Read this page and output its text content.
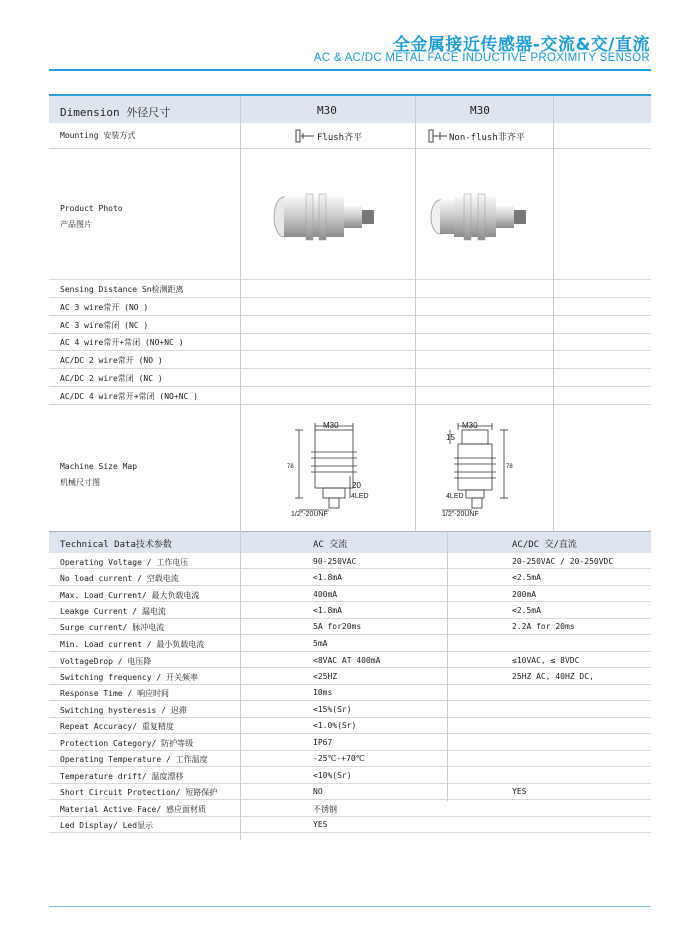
全金属接近传感器-交流&交/直流
AC & AC/DC METAL FACE INDUCTIVE PROXIMITY SENSOR
Dimension 外径尺寸	M30	M30
Mounting 安装方式	Flush齐平	Non-flush非齐平
Product Photo
产品图片
Sensing Distance Sn检测距离
AC 3 wire常开 (NO )
AC 3 wire常闭 (NC )
AC 4 wire常开+常闭 (NO+NC )
AC/DC 2 wire常开 (NO )
AC/DC 2 wire常闭 (NC )
AC/DC 4 wire常开+常闭 (NO+NC )
Machine Size Map
机械尺寸图
M30
78
20
4LED
1/2"-20UNF
M30
15
78
4LED
1/2"-20UNF
Technical Data技术参数	AC 交流	AC/DC 交/直流
Operating Voltage / 工作电压	90-250VAC	20-250VAC / 20-250VDC
No load current / 空载电流	<1.8mA	<2.5mA
Max. Load Current/ 最大负载电流	400mA	200mA
Leakge Current / 漏电流	<1.8mA	<2.5mA
Surge current/ 脉冲电流	5A for20ms	2.2A for 20ms
Min. Load current / 最小负载电流	5mA
VoltageDrop / 电压降	<8VAC AT 400mA	≤10VAC, ≤ 8VDC
Switching frequency / 开关频率	<25HZ	25HZ AC, 40HZ DC,
Response Time / 响应时间	10ms
Switching hysteresis / 迟滞	<15%(Sr)
Repeat Accuracy/ 重复精度	<1.0%(Sr)
Protection Category/ 防护等级	IP67
Operating Temperature / 工作温度	-25℃-+70℃
Temperature drift/ 温度漂移	<10%(Sr)
Short Circuit Protection/ 短路保护	NO	YES
Material Active Face/ 感应面材质	不锈钢
Led Display/ Led显示	YES
